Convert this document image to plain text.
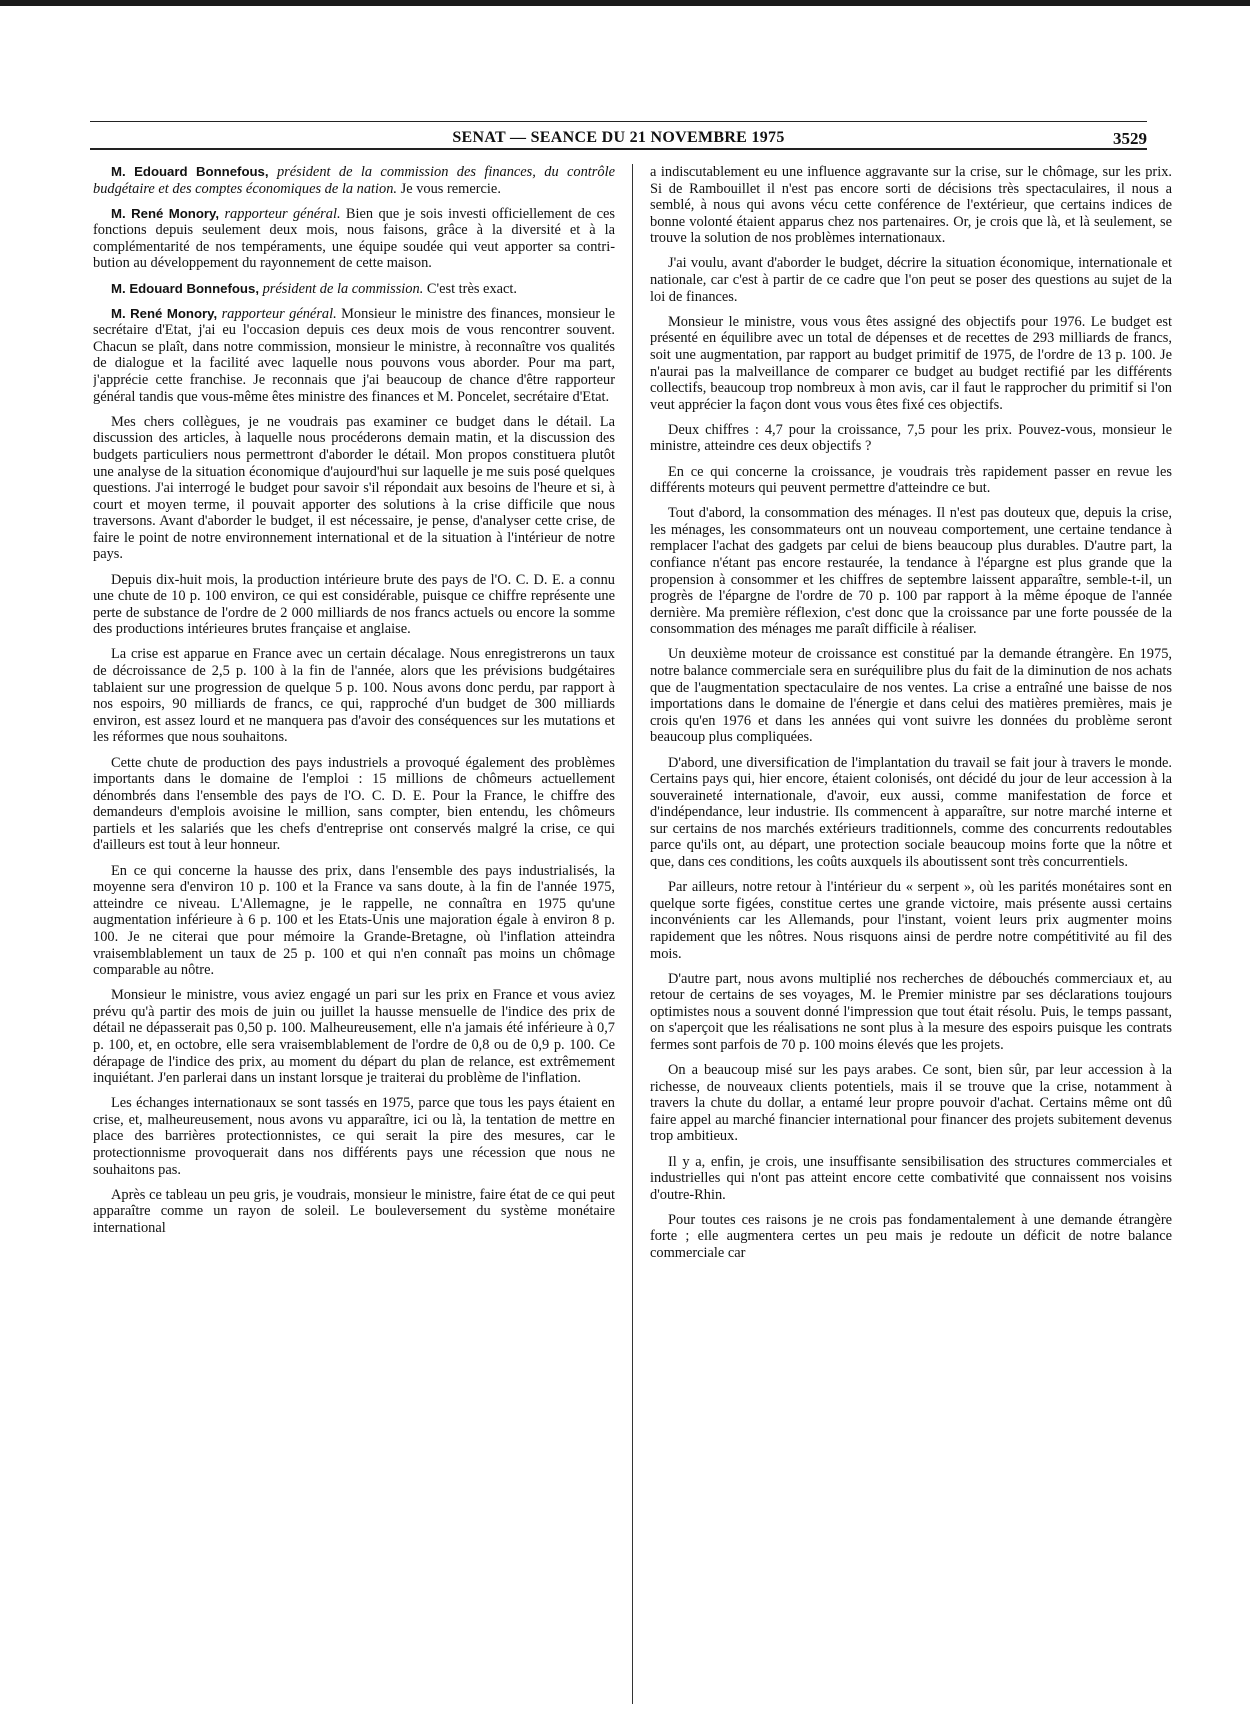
SENAT — SEANCE DU 21 NOVEMBRE 1975	3529

M. Edouard Bonnefous, président de la commission des finances, du contrôle budgétaire et des comptes économiques de la nation. Je vous remercie.

M. René Monory, rapporteur général. Bien que je sois investi officiellement de ces fonctions depuis seulement deux mois, nous faisons, grâce à la diversité et à la complémentarité de nos tempéraments, une équipe soudée qui veut apporter sa contribution au développement du rayonnement de cette maison.

M. Edouard Bonnefous, président de la commission. C'est très exact.

M. René Monory, rapporteur général. Monsieur le ministre des finances, monsieur le secrétaire d'Etat, j'ai eu l'occasion depuis ces deux mois de vous rencontrer souvent. Chacun se plaît, dans notre commission, monsieur le ministre, à reconnaître vos qualités de dialogue et la facilité avec laquelle nous pouvons vous aborder. Pour ma part, j'apprécie cette franchise. Je reconnais que j'ai beaucoup de chance d'être rapporteur général tandis que vous-même êtes ministre des finances et M. Poncelet, secrétaire d'Etat.

Mes chers collègues, je ne voudrais pas examiner ce budget dans le détail. La discussion des articles, à laquelle nous procéderons demain matin, et la discussion des budgets particuliers nous permettront d'aborder le détail. Mon propos constituera plutôt une analyse de la situation économique d'aujourd'hui sur laquelle je me suis posé quelques questions. J'ai interrogé le budget pour savoir s'il répondait aux besoins de l'heure et si, à court et moyen terme, il pouvait apporter des solutions à la crise difficile que nous traversons. Avant d'aborder le budget, il est nécessaire, je pense, d'analyser cette crise, de faire le point de notre environnement international et de la situation à l'intérieur de notre pays.

Depuis dix-huit mois, la production intérieure brute des pays de l'O. C. D. E. a connu une chute de 10 p. 100 environ, ce qui est considérable, puisque ce chiffre représente une perte de substance de l'ordre de 2 000 milliards de nos francs actuels ou encore la somme des productions intérieures brutes française et anglaise.

La crise est apparue en France avec un certain décalage. Nous enregistrerons un taux de décroissance de 2,5 p. 100 à la fin de l'année, alors que les prévisions budgétaires tablaient sur une progression de quelque 5 p. 100. Nous avons donc perdu, par rapport à nos espoirs, 90 milliards de francs, ce qui, rapproché d'un budget de 300 milliards environ, est assez lourd et ne manquera pas d'avoir des conséquences sur les mutations et les réformes que nous souhaitons.

Cette chute de production des pays industriels a provoqué également des problèmes importants dans le domaine de l'emploi : 15 millions de chômeurs actuellement dénombrés dans l'ensemble des pays de l'O. C. D. E. Pour la France, le chiffre des demandeurs d'emplois avoisine le million, sans compter, bien entendu, les chômeurs partiels et les salariés que les chefs d'entreprise ont conservés malgré la crise, ce qui d'ailleurs est tout à leur honneur.

En ce qui concerne la hausse des prix, dans l'ensemble des pays industrialisés, la moyenne sera d'environ 10 p. 100 et la France va sans doute, à la fin de l'année 1975, atteindre ce niveau. L'Allemagne, je le rappelle, ne connaîtra en 1975 qu'une augmentation inférieure à 6 p. 100 et les Etats-Unis une majoration égale à environ 8 p. 100. Je ne citerai que pour mémoire la Grande-Bretagne, où l'inflation atteindra vraisemblablement un taux de 25 p. 100 et qui n'en connaît pas moins un chômage comparable au nôtre.

Monsieur le ministre, vous aviez engagé un pari sur les prix en France et vous aviez prévu qu'à partir des mois de juin ou juillet la hausse mensuelle de l'indice des prix de détail ne dépasserait pas 0,50 p. 100. Malheureusement, elle n'a jamais été inférieure à 0,7 p. 100, et, en octobre, elle sera vraisemblablement de l'ordre de 0,8 ou de 0,9 p. 100. Ce dérapage de l'indice des prix, au moment du départ du plan de relance, est extrêmement inquiétant. J'en parlerai dans un instant lorsque je traiterai du problème de l'inflation.

Les échanges internationaux se sont tassés en 1975, parce que tous les pays étaient en crise, et, malheureusement, nous avons vu apparaître, ici ou là, la tentation de mettre en place des barrières protectionnistes, ce qui serait la pire des mesures, car le protectionnisme provoquerait dans nos différents pays une récession que nous ne souhaitons pas.

Après ce tableau un peu gris, je voudrais, monsieur le ministre, faire état de ce qui peut apparaître comme un rayon de soleil. Le bouleversement du système monétaire international

a indiscutablement eu une influence aggravante sur la crise, sur le chômage, sur les prix. Si de Rambouillet il n'est pas encore sorti de décisions très spectaculaires, il nous a semblé, à nous qui avons vécu cette conférence de l'extérieur, que certains indices de bonne volonté étaient apparus chez nos partenaires. Or, je crois que là, et là seulement, se trouve la solution de nos problèmes internationaux.

J'ai voulu, avant d'aborder le budget, décrire la situation économique, internationale et nationale, car c'est à partir de ce cadre que l'on peut se poser des questions au sujet de la loi de finances.

Monsieur le ministre, vous vous êtes assigné des objectifs pour 1976. Le budget est présenté en équilibre avec un total de dépenses et de recettes de 293 milliards de francs, soit une augmentation, par rapport au budget primitif de 1975, de l'ordre de 13 p. 100. Je n'aurai pas la malveillance de comparer ce budget au budget rectifié par les différents collectifs, beaucoup trop nombreux à mon avis, car il faut le rapprocher du primitif si l'on veut apprécier la façon dont vous vous êtes fixé ces objectifs.

Deux chiffres : 4,7 pour la croissance, 7,5 pour les prix. Pouvez-vous, monsieur le ministre, atteindre ces deux objectifs ?

En ce qui concerne la croissance, je voudrais très rapidement passer en revue les différents moteurs qui peuvent permettre d'atteindre ce but.

Tout d'abord, la consommation des ménages. Il n'est pas douteux que, depuis la crise, les ménages, les consommateurs ont un nouveau comportement, une certaine tendance à remplacer l'achat des gadgets par celui de biens beaucoup plus durables. D'autre part, la confiance n'étant pas encore restaurée, la tendance à l'épargne est plus grande que la propension à consommer et les chiffres de septembre laissent apparaître, semble-t-il, un progrès de l'épargne de l'ordre de 70 p. 100 par rapport à la même époque de l'année dernière. Ma première réflexion, c'est donc que la croissance par une forte poussée de la consommation des ménages me paraît difficile à réaliser.

Un deuxième moteur de croissance est constitué par la demande étrangère. En 1975, notre balance commerciale sera en suréquilibre plus du fait de la diminution de nos achats que de l'augmentation spectaculaire de nos ventes. La crise a entraîné une baisse de nos importations dans le domaine de l'énergie et dans celui des matières premières, mais je crois qu'en 1976 et dans les années qui vont suivre les données du problème seront beaucoup plus compliquées.

D'abord, une diversification de l'implantation du travail se fait jour à travers le monde. Certains pays qui, hier encore, étaient colonisés, ont décidé du jour de leur accession à la souveraineté internationale, d'avoir, eux aussi, comme manifestation de force et d'indépendance, leur industrie. Ils commencent à apparaître, sur notre marché interne et sur certains de nos marchés extérieurs traditionnels, comme des concurrents redoutables parce qu'ils ont, au départ, une protection sociale beaucoup moins forte que la nôtre et que, dans ces conditions, les coûts auxquels ils aboutissent sont très concurrentiels.

Par ailleurs, notre retour à l'intérieur du « serpent », où les parités monétaires sont en quelque sorte figées, constitue certes une grande victoire, mais présente aussi certains inconvénients car les Allemands, pour l'instant, voient leurs prix augmenter moins rapidement que les nôtres. Nous risquons ainsi de perdre notre compétitivité au fil des mois.

D'autre part, nous avons multiplié nos recherches de débouchés commerciaux et, au retour de certains de ses voyages, M. le Premier ministre par ses déclarations toujours optimistes nous a souvent donné l'impression que tout était résolu. Puis, le temps passant, on s'aperçoit que les réalisations ne sont plus à la mesure des espoirs puisque les contrats fermes sont parfois de 70 p. 100 moins élevés que les projets.

On a beaucoup misé sur les pays arabes. Ce sont, bien sûr, par leur accession à la richesse, de nouveaux clients potentiels, mais il se trouve que la crise, notamment à travers la chute du dollar, a entamé leur propre pouvoir d'achat. Certains même ont dû faire appel au marché financier international pour financer des projets subitement devenus trop ambitieux.

Il y a, enfin, je crois, une insuffisante sensibilisation des structures commerciales et industrielles qui n'ont pas atteint encore cette combativité que connaissent nos voisins d'outre-Rhin.

Pour toutes ces raisons je ne crois pas fondamentalement à une demande étrangère forte ; elle augmentera certes un peu mais je redoute un déficit de notre balance commerciale car
